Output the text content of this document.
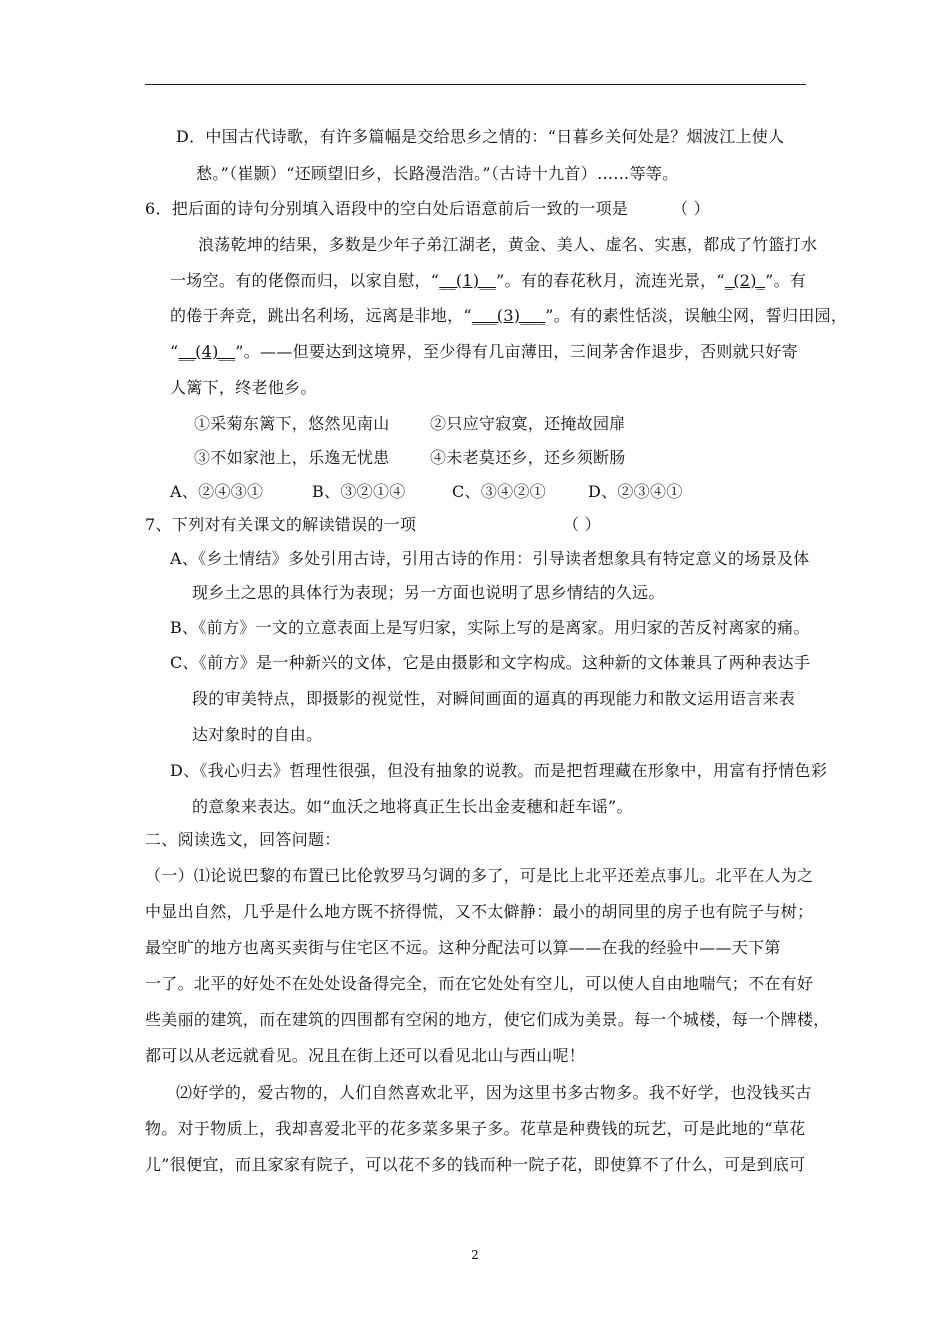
D．中国古代诗歌，有许多篇幅是交给思乡之情的：“日暮乡关何处是？烟波江上使人
愁。”（崔颢）“还顾望旧乡，长路漫浩浩。”（古诗十九首）……等等。
6．把后面的诗句分别填入语段中的空白处后语意前后一致的一项是	（ ）
浪荡乾坤的结果，多数是少年子弟江湖老，黄金、美人、虚名、实惠，都成了竹篮打水
一场空。有的佬傺而归，以家自慰，“__(1)__”。有的春花秋月，流连光景，“_(2)_”。有
的倦于奔竞，跳出名利场，远离是非地，“___(3)___”。有的素性恬淡，误触尘网，誓归田园，
“__(4)__”。——但要达到这境界，至少得有几亩薄田，三间茅舍作退步，否则就只好寄
人篱下，终老他乡。
①采菊东篱下，悠然见南山	②只应守寂寞，还掩故园扉
③不如家池上，乐逸无忧患	④未老莫还乡，还乡须断肠
A、②④③①	B、③②①④	C、③④②①	D、②③④①
7、下列对有关课文的解读错误的一项	（ ）
A、《乡土情结》多处引用古诗，引用古诗的作用：引导读者想象具有特定意义的场景及体
现乡土之思的具体行为表现；另一方面也说明了思乡情结的久远。
B、《前方》一文的立意表面上是写归家，实际上写的是离家。用归家的苦反衬离家的痛。
C、《前方》是一种新兴的文体，它是由摄影和文字构成。这种新的文体兼具了两种表达手
段的审美特点，即摄影的视觉性，对瞬间画面的逼真的再现能力和散文运用语言来表
达对象时的自由。
D、《我心归去》哲理性很强，但没有抽象的说教。而是把哲理藏在形象中，用富有抒情色彩
的意象来表达。如“血沃之地将真正生长出金麦穗和赶车谣”。
二、阅读选文，回答问题：
（一）⑴论说巴黎的布置已比伦敦罗马匀调的多了，可是比上北平还差点事儿。北平在人为之
中显出自然，几乎是什么地方既不挤得慌，又不太僻静：最小的胡同里的房子也有院子与树；
最空旷的地方也离买卖街与住宅区不远。这种分配法可以算——在我的经验中——天下第
一了。北平的好处不在处处设备得完全，而在它处处有空儿，可以使人自由地喘气；不在有好
些美丽的建筑，而在建筑的四围都有空闲的地方，使它们成为美景。每一个城楼，每一个牌楼，
都可以从老远就看见。况且在街上还可以看见北山与西山呢！
⑵好学的，爱古物的，人们自然喜欢北平，因为这里书多古物多。我不好学，也没钱买古
物。对于物质上，我却喜爱北平的花多菜多果子多。花草是种费钱的玩艺，可是此地的“草花
儿”很便宜，而且家家有院子，可以花不多的钱而种一院子花，即使算不了什么，可是到底可
2
